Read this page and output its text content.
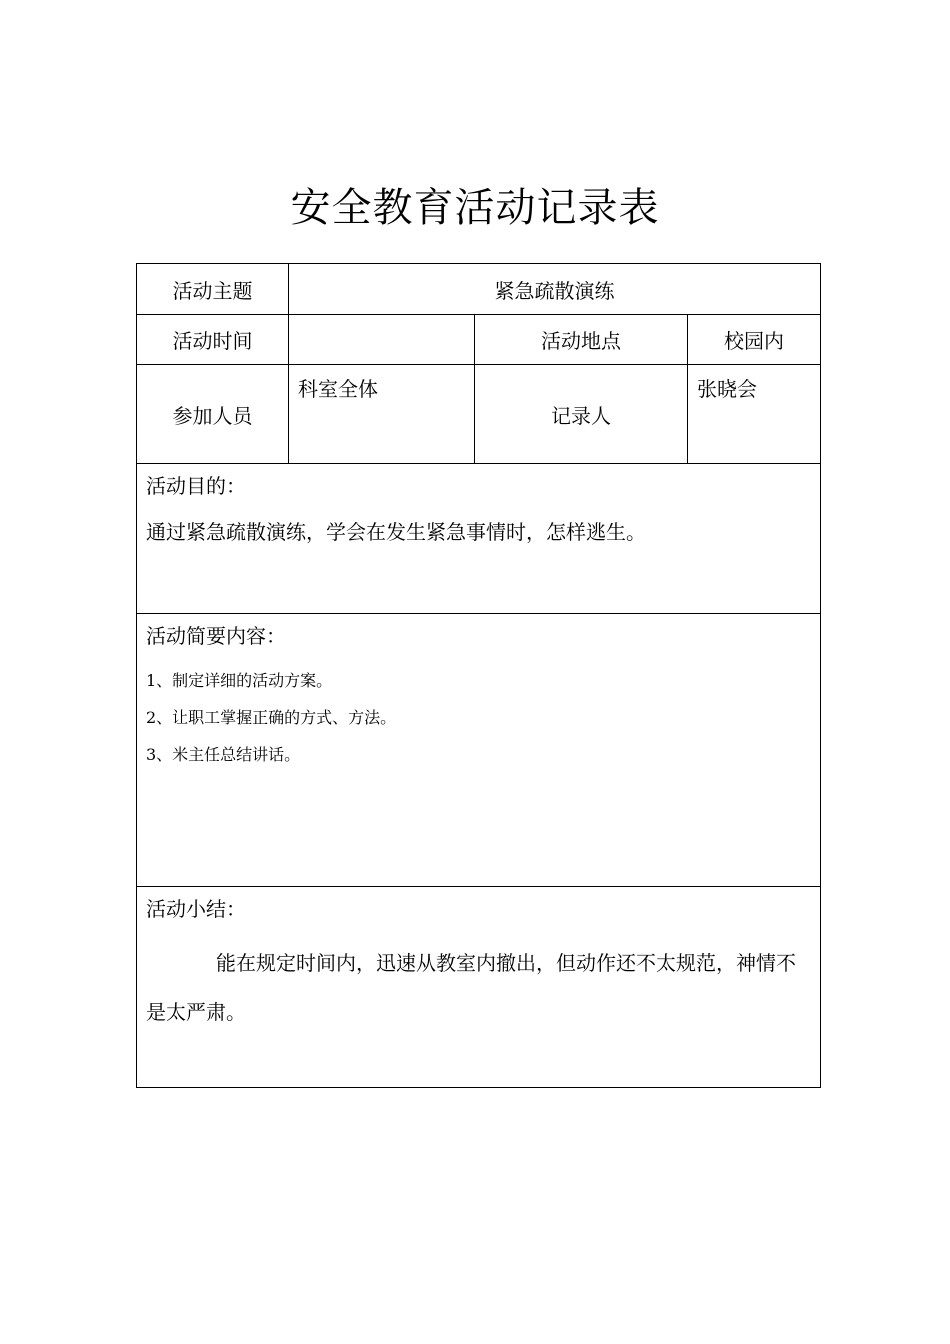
安全教育活动记录表
活动主题	紧急疏散演练		
活动时间		活动地点	校园内
参加人员	科室全体	记录人	张晓会

活动目的：
通过紧急疏散演练，学会在发生紧急事情时，怎样逃生。			

活动简要内容：
1、制定详细的活动方案。
2、让职工掌握正确的方式、方法。
3、米主任总结讲话。			

活动小结：
能在规定时间内，迅速从教室内撤出，但动作还不太规范，神情不是太严肃。			
